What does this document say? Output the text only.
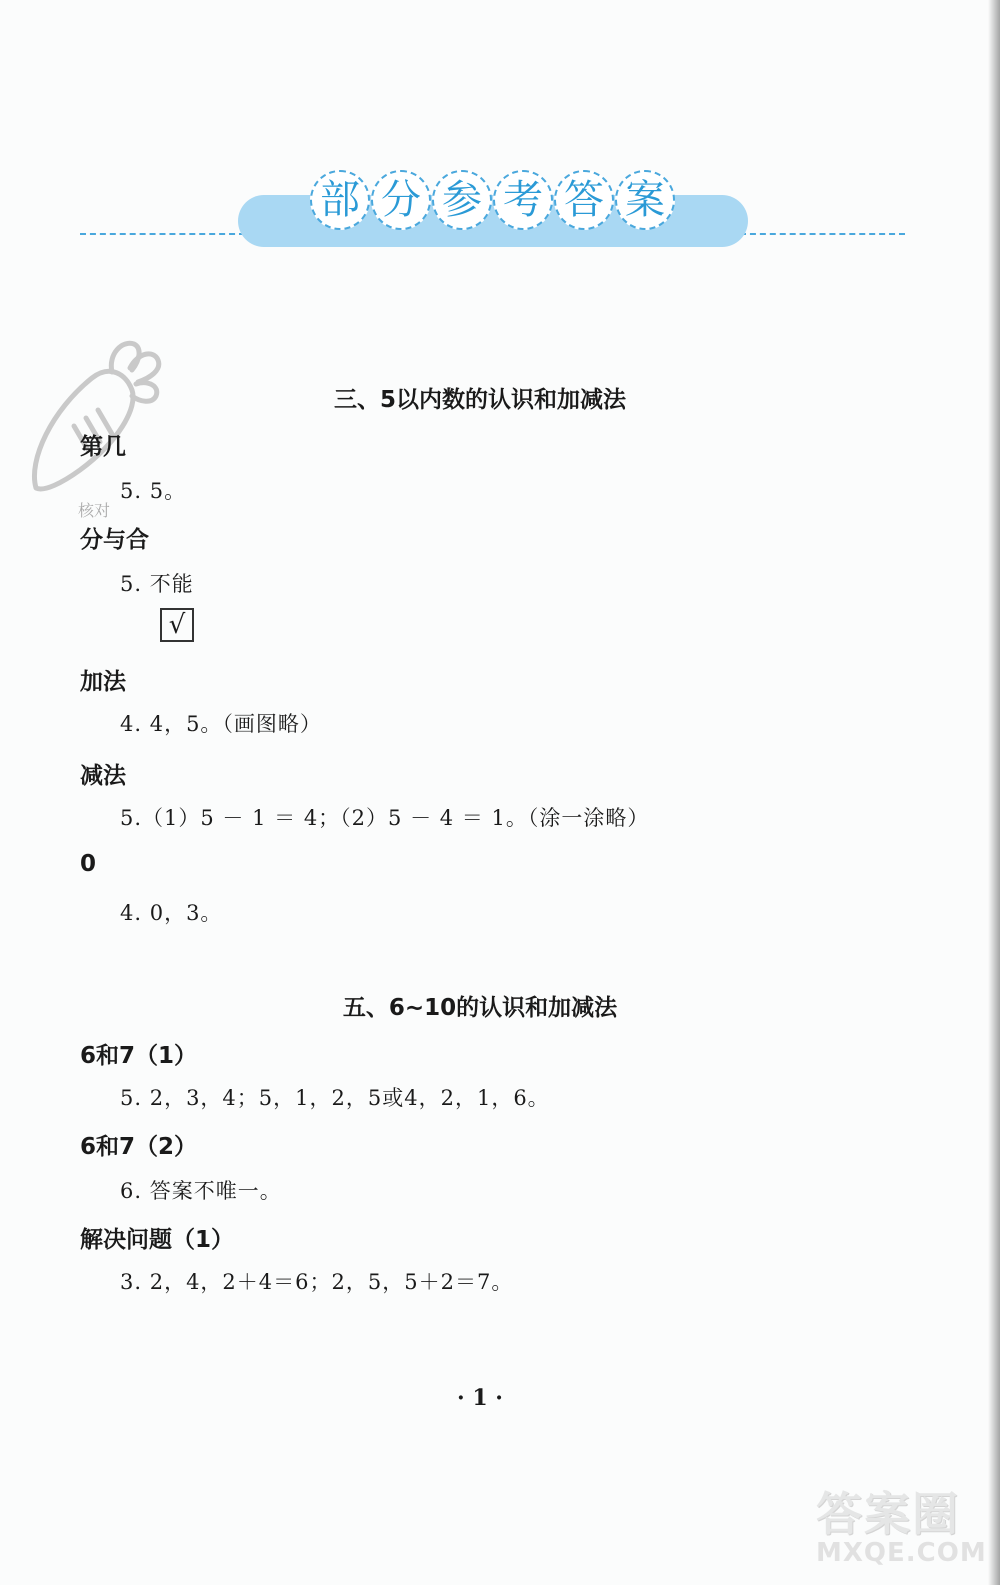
部 分 参 考 答 案
三、5以内数的认识和加减法
第几
5. 5。
核对
分与合
5. 不能
√
加法
4. 4，5。（画图略）
减法
5.（1）5 － 1 ＝ 4；（2）5 － 4 ＝ 1。（涂一涂略）
0
4. 0，3。
五、6~10的认识和加减法
6和7（1）
5. 2，3，4；5，1，2，5或4，2，1，6。
6和7（2）
6. 答案不唯一。
解决问题（1）
3. 2，4，2＋4＝6；2，5，5＋2＝7。
· 1 ·
答案圈
MXQE.COM
